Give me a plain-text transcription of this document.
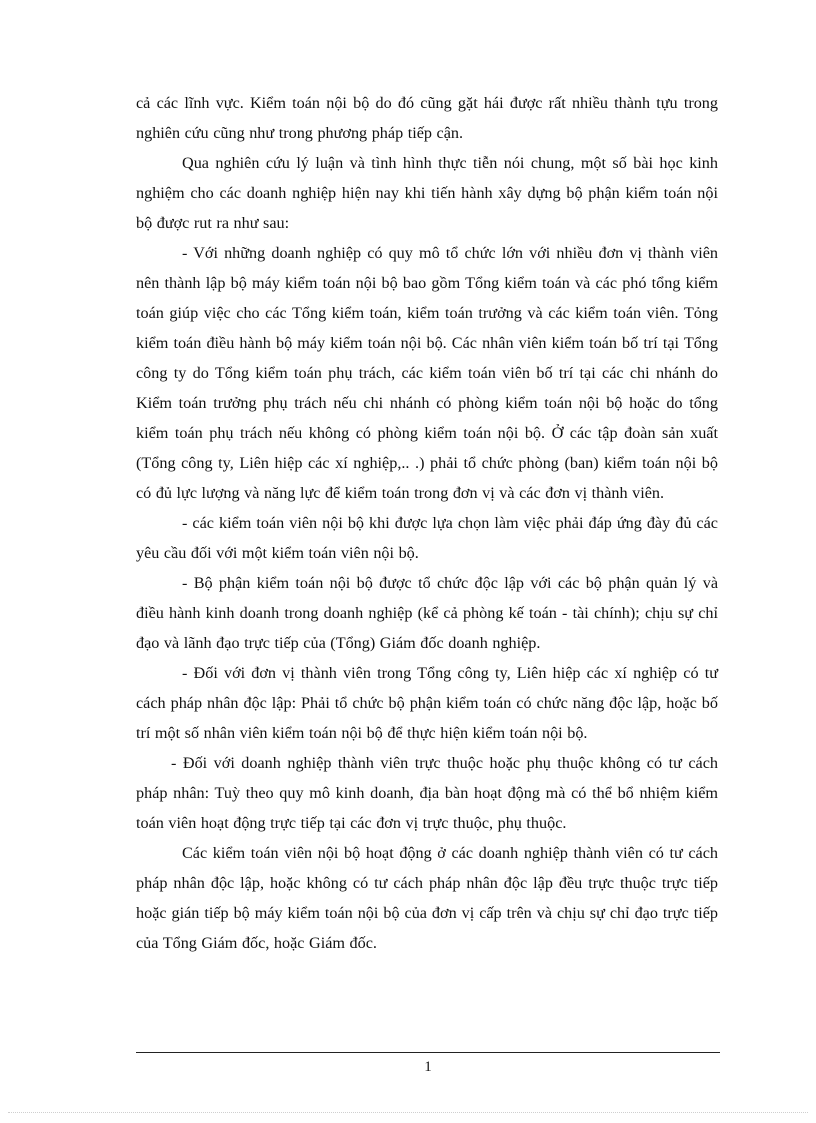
cả các lĩnh vực. Kiểm toán nội bộ do đó cũng gặt hái được rất nhiều thành tựu trong nghiên cứu cũng như trong phương pháp tiếp cận.

Qua nghiên cứu lý luận và tình hình thực tiễn nói chung, một số bài học kinh nghiệm cho các doanh nghiệp hiện nay khi tiến hành xây dựng bộ phận kiểm toán nội bộ được rut ra như sau:

- Với những doanh nghiệp có quy mô tổ chức lớn với nhiều đơn vị thành viên nên thành lập bộ máy kiểm toán nội bộ bao gồm Tổng kiểm toán và các phó tổng kiểm toán giúp việc cho các Tổng kiểm toán, kiểm toán trưởng và các kiểm toán viên. Tỏng kiểm toán điều hành bộ máy kiểm toán nội bộ. Các nhân viên kiểm toán bố trí tại Tổng công ty do Tổng kiểm toán phụ trách, các kiểm toán viên bố trí tại các chi nhánh do Kiểm toán trưởng phụ trách nếu chi nhánh có phòng kiểm toán nội bộ hoặc do tổng kiểm toán phụ trách nếu không có phòng kiểm toán nội bộ. Ở các tập đoàn sản xuất (Tổng công ty, Liên hiệp các xí nghiệp,.. .) phải tổ chức phòng (ban) kiểm toán nội bộ có đủ lực lượng và năng lực để kiểm toán trong đơn vị và các đơn vị thành viên.

- các kiểm toán viên nội bộ khi được lựa chọn làm việc phải đáp ứng đày đủ các yêu cầu đối với một kiểm toán viên nội bộ.

- Bộ phận kiểm toán nội bộ được tổ chức độc lập với các bộ phận quản lý và điều hành kinh doanh trong doanh nghiệp (kể cả phòng kế toán - tài chính); chịu sự chỉ đạo và lãnh đạo trực tiếp của (Tổng) Giám đốc doanh nghiệp.

- Đối với đơn vị thành viên trong Tổng công ty, Liên hiệp các xí nghiệp có tư cách pháp nhân độc lập: Phải tổ chức bộ phận kiểm toán có chức năng độc lập, hoặc bố trí một số nhân viên kiểm toán nội bộ để thực hiện kiểm toán nội bộ.

- Đối với doanh nghiệp thành viên trực thuộc hoặc phụ thuộc không có tư cách pháp nhân: Tuỳ theo quy mô kinh doanh, địa bàn hoạt động mà có thể bổ nhiệm kiểm toán viên hoạt động trực tiếp tại các đơn vị trực thuộc, phụ thuộc.

Các kiểm toán viên nội bộ hoạt động ở các doanh nghiệp thành viên có tư cách pháp nhân độc lập, hoặc không có tư cách pháp nhân độc lập đều trực thuộc trực tiếp hoặc gián tiếp bộ máy kiểm toán nội bộ của đơn vị cấp trên và chịu sự chỉ đạo trực tiếp của Tổng Giám đốc, hoặc Giám đốc.

1
